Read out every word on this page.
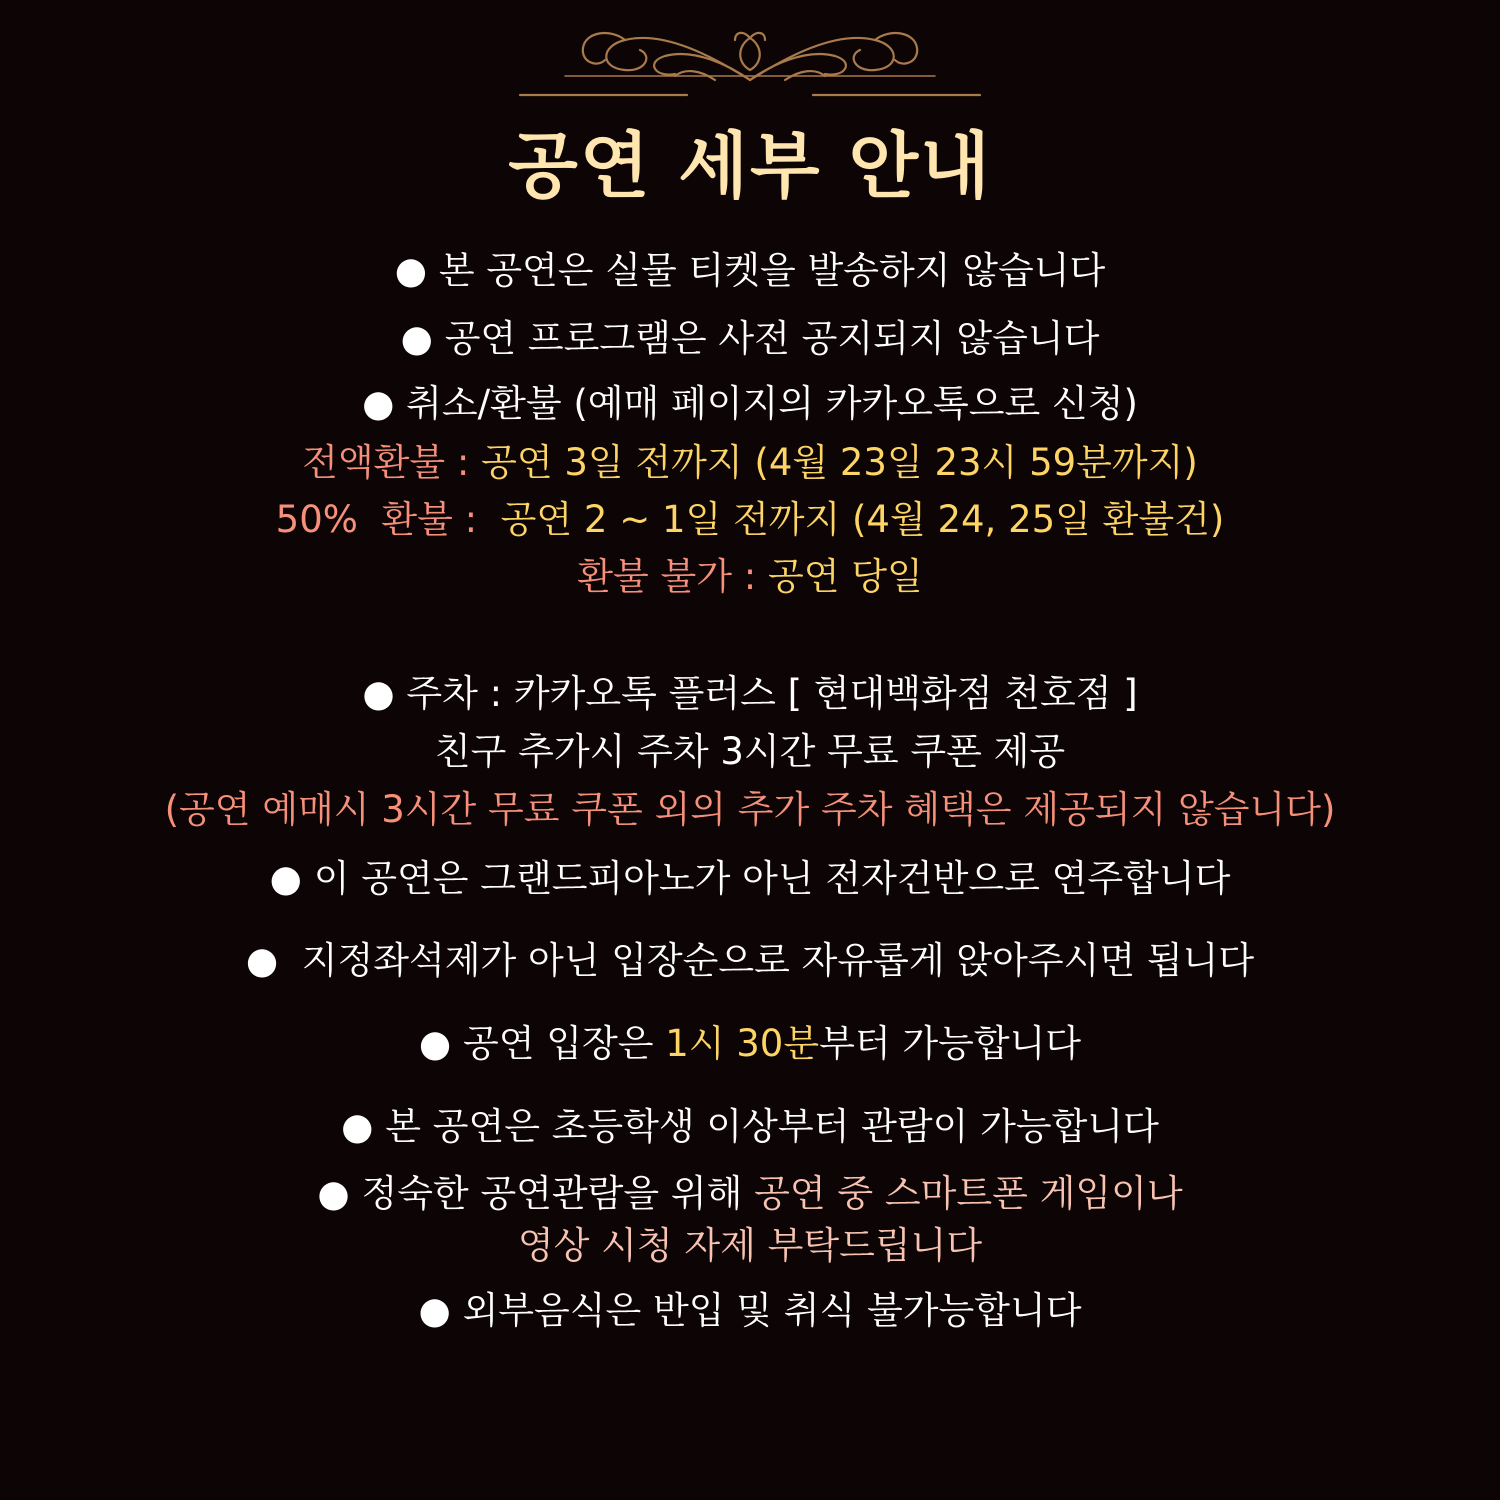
공연 세부 안내
● 본 공연은 실물 티켓을 발송하지 않습니다
● 공연 프로그램은 사전 공지되지 않습니다
● 취소/환불 (예매 페이지의 카카오톡으로 신청)
전액환불 : 공연 3일 전까지 (4월 23일 23시 59분까지)
50%  환불 :  공연 2 ~ 1일 전까지 (4월 24, 25일 환불건)
환불 불가 : 공연 당일
● 주차 : 카카오톡 플러스 [ 현대백화점 천호점 ]
친구 추가시 주차 3시간 무료 쿠폰 제공
(공연 예매시 3시간 무료 쿠폰 외의 추가 주차 혜택은 제공되지 않습니다)
● 이 공연은 그랜드피아노가 아닌 전자건반으로 연주합니다
● 지정좌석제가 아닌 입장순으로 자유롭게 앉아주시면 됩니다
● 공연 입장은 1시 30분부터 가능합니다
● 본 공연은 초등학생 이상부터 관람이 가능합니다
● 정숙한 공연관람을 위해 공연 중 스마트폰 게임이나
영상 시청 자제 부탁드립니다
● 외부음식은 반입 및 취식 불가능합니다
